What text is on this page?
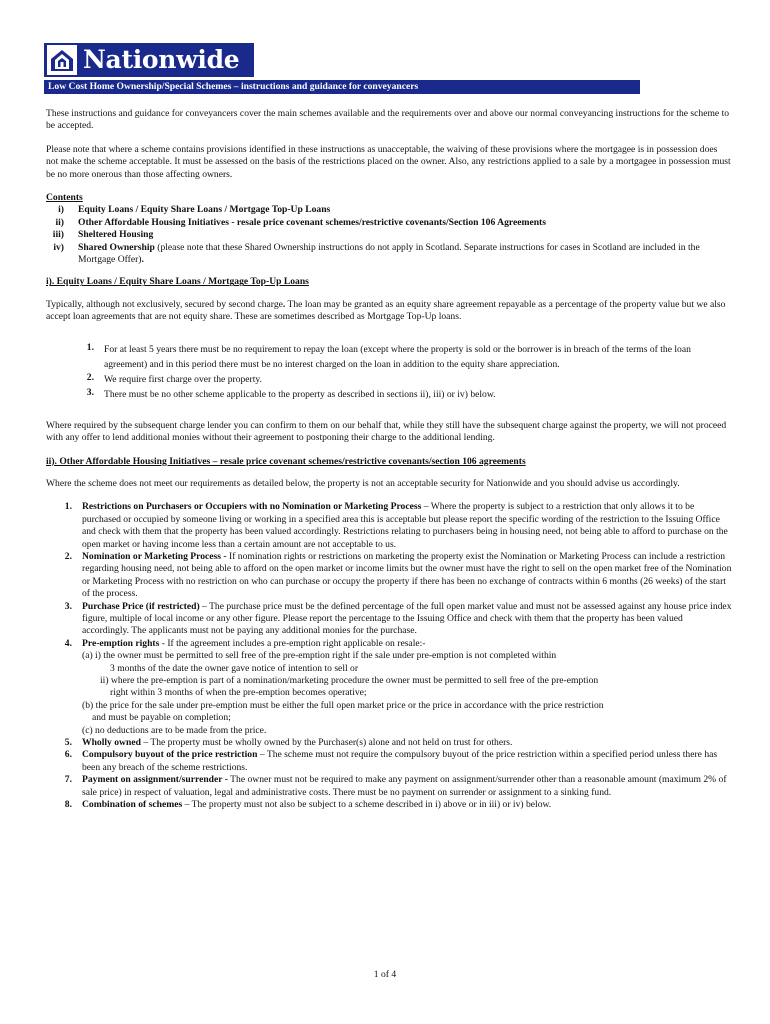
Nationwide
Low Cost Home Ownership/Special Schemes – instructions and guidance for conveyancers

These instructions and guidance for conveyancers cover the main schemes available and the requirements over and above our normal conveyancing instructions for the scheme to be accepted.

Please note that where a scheme contains provisions identified in these instructions as unacceptable, the waiving of these provisions where the mortgagee is in possession does not make the scheme acceptable. It must be assessed on the basis of the restrictions placed on the owner. Also, any restrictions applied to a sale by a mortgagee in possession must be no more onerous than those affecting owners.

Contents
i)	Equity Loans / Equity Share Loans / Mortgage Top-Up Loans
ii)	Other Affordable Housing Initiatives - resale price covenant schemes/restrictive covenants/Section 106 Agreements
iii)	Sheltered Housing
iv)	Shared Ownership (please note that these Shared Ownership instructions do not apply in Scotland. Separate instructions for cases in Scotland are included in the Mortgage Offer).
i). Equity Loans / Equity Share Loans / Mortgage Top-Up Loans

Typically, although not exclusively, secured by second charge. The loan may be granted as an equity share agreement repayable as a percentage of the property value but we also accept loan agreements that are not equity share. These are sometimes described as Mortgage Top-Up loans.

1.	For at least 5 years there must be no requirement to repay the loan (except where the property is sold or the borrower is in breach of the terms of the loan agreement) and in this period there must be no interest charged on the loan in addition to the equity share appreciation.
2.	We require first charge over the property.
3.	There must be no other scheme applicable to the property as described in sections ii), iii) or iv) below.

Where required by the subsequent charge lender you can confirm to them on our behalf that, while they still have the subsequent charge against the property, we will not proceed with any offer to lend additional monies without their agreement to postponing their charge to the additional lending.

ii). Other Affordable Housing Initiatives – resale price covenant schemes/restrictive covenants/section 106 agreements

Where the scheme does not meet our requirements as detailed below, the property is not an acceptable security for Nationwide and you should advise us accordingly.

1.	Restrictions on Purchasers or Occupiers with no Nomination or Marketing Process – Where the property is subject to a restriction that only allows it to be purchased or occupied by someone living or working in a specified area this is acceptable but please report the specific wording of the restriction to the Issuing Office and check with them that the property has been valued accordingly. Restrictions relating to purchasers being in housing need, not being able to afford to purchase on the open market or having income less than a certain amount are not acceptable to us.
2.	Nomination or Marketing Process - If nomination rights or restrictions on marketing the property exist the Nomination or Marketing Process can include a restriction regarding housing need, not being able to afford on the open market or income limits but the owner must have the right to sell on the open market free of the Nomination or Marketing Process with no restriction on who can purchase or occupy the property if there has been no exchange of contracts within 6 months (26 weeks) of the start of the process.
3.	Purchase Price (if restricted) – The purchase price must be the defined percentage of the full open market value and must not be assessed against any house price index figure, multiple of local income or any other figure. Please report the percentage to the Issuing Office and check with them that the property has been valued accordingly. The applicants must not be paying any additional monies for the purchase.
4.	Pre-emption rights - If the agreement includes a pre-emption right applicable on resale:-
(a) i) the owner must be permitted to sell free of the pre-emption right if the sale under pre-emption is not completed within
3 months of the date the owner gave notice of intention to sell or
ii) where the pre-emption is part of a nomination/marketing procedure the owner must be permitted to sell free of the pre-emption
right within 3 months of when the pre-emption becomes operative;
(b) the price for the sale under pre-emption must be either the full open market price or the price in accordance with the price restriction
and must be payable on completion;
(c) no deductions are to be made from the price.
5.	Wholly owned – The property must be wholly owned by the Purchaser(s) alone and not held on trust for others.
6.	Compulsory buyout of the price restriction – The scheme must not require the compulsory buyout of the price restriction within a specified period unless there has been any breach of the scheme restrictions.
7.	Payment on assignment/surrender - The owner must not be required to make any payment on assignment/surrender other than a reasonable amount (maximum 2% of sale price) in respect of valuation, legal and administrative costs. There must be no payment on surrender or assignment to a sinking fund.
8.	Combination of schemes – The property must not also be subject to a scheme described in i) above or in iii) or iv) below.
1 of 4
